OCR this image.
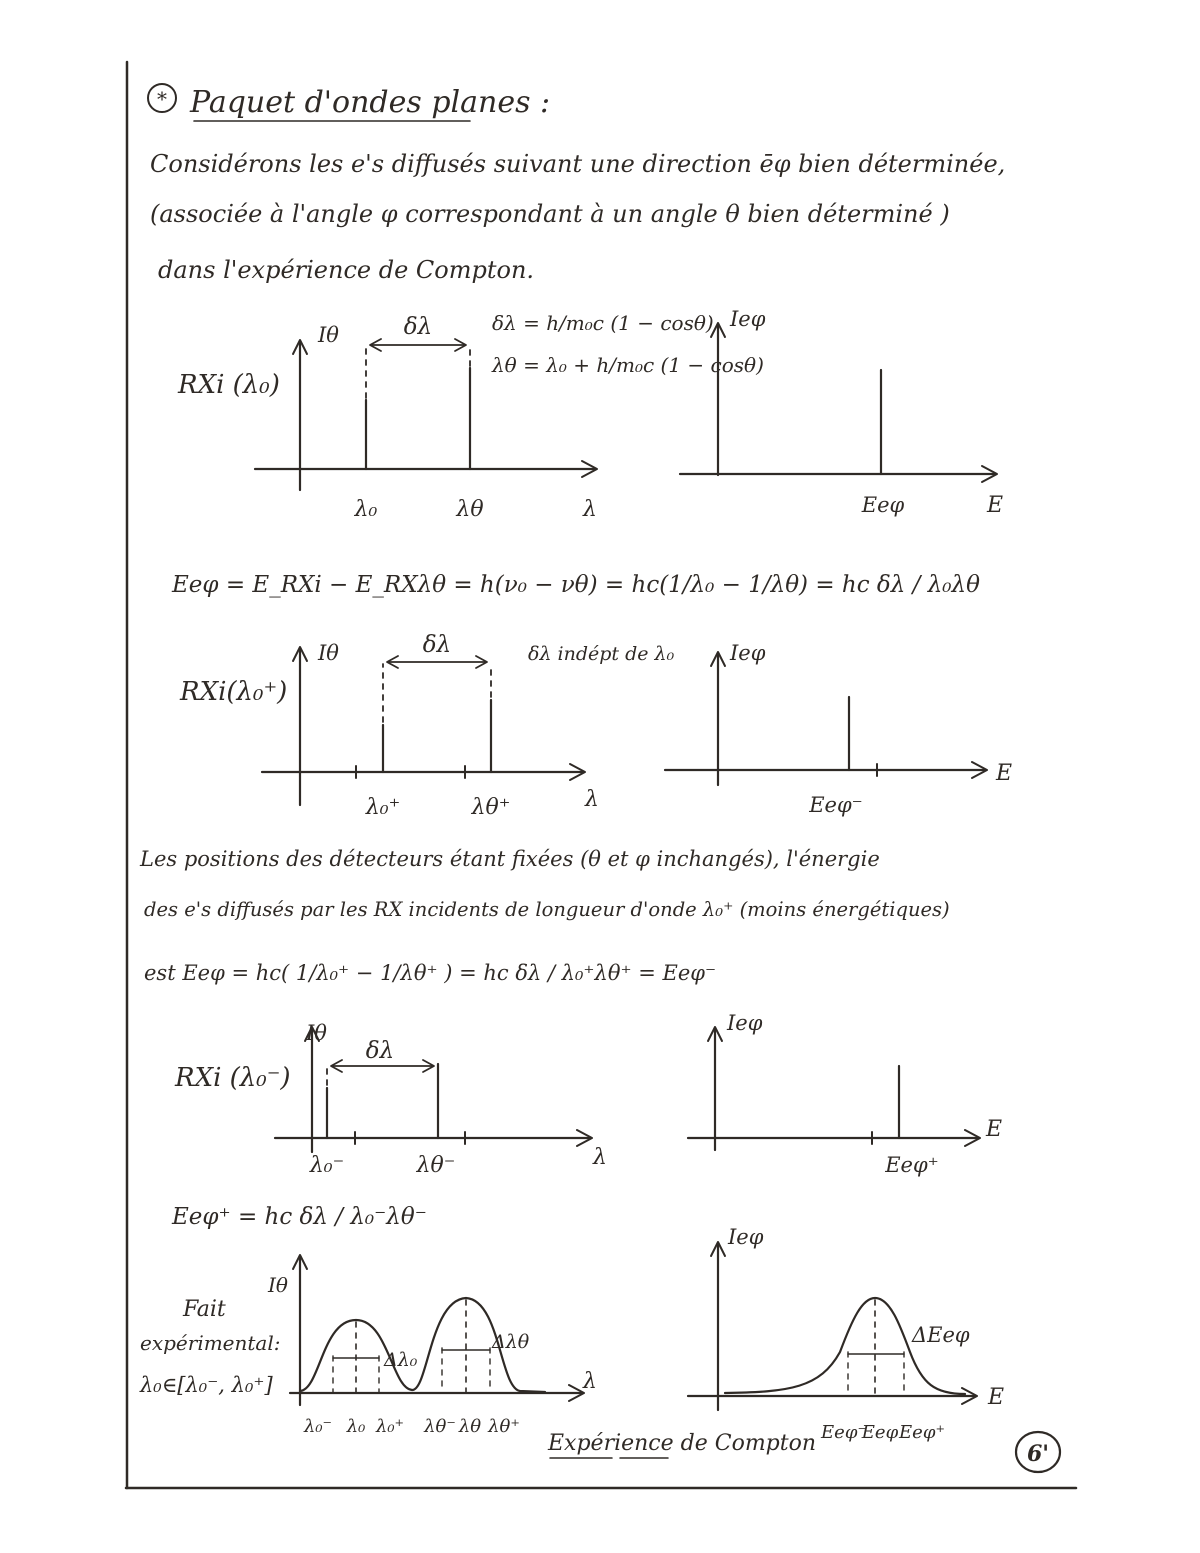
* Paquet d'ondes planes :
Considérons les e's diffusés suivant une direction ēφ bien déterminée,
(associée à l'angle φ correspondant à un angle θ bien déterminé )
dans l'expérience de Compton.
RXi (λ₀)
Iθ	δλ
λ₀	λθ	λ
δλ = h/m₀c (1 − cosθ)
λθ = λ₀ + h/m₀c (1 − cosθ)
Ieφ
Eeφ	E
Eeφ = E_RXi − E_RXλθ = h(ν₀ − νθ) = hc(1/λ₀ − 1/λθ) = hc δλ / λ₀λθ
RXi(λ₀⁺)
Iθ	δλ
λ₀⁺	λθ⁺	λ
δλ indépt de λ₀	Ieφ
Eeφ⁻
E
Les positions des détecteurs étant fixées (θ et φ inchangés), l'énergie
des e's diffusés par les RX incidents de longueur d'onde λ₀⁺ (moins énergétiques)
est Eeφ = hc( 1/λ₀⁺ − 1/λθ⁺ ) = hc δλ / λ₀⁺λθ⁺ = Eeφ⁻
RXi (λ₀⁻)
Iθ
δλ
λ₀⁻	λθ⁻	λ
Ieφ
Eeφ⁺
E
Eeφ⁺ = hc δλ / λ₀⁻λθ⁻
Fait
expérimental:
λ₀∈[λ₀⁻, λ₀⁺]
Iθ
Δλ₀
Δλθ
λ₀⁻ λ₀ λ₀⁺ λθ⁻ λθ λθ⁺
λ
Ieφ
ΔEeφ
Eeφ⁻
Eeφ Eeφ⁺
E
Expérience de Compton	6'
